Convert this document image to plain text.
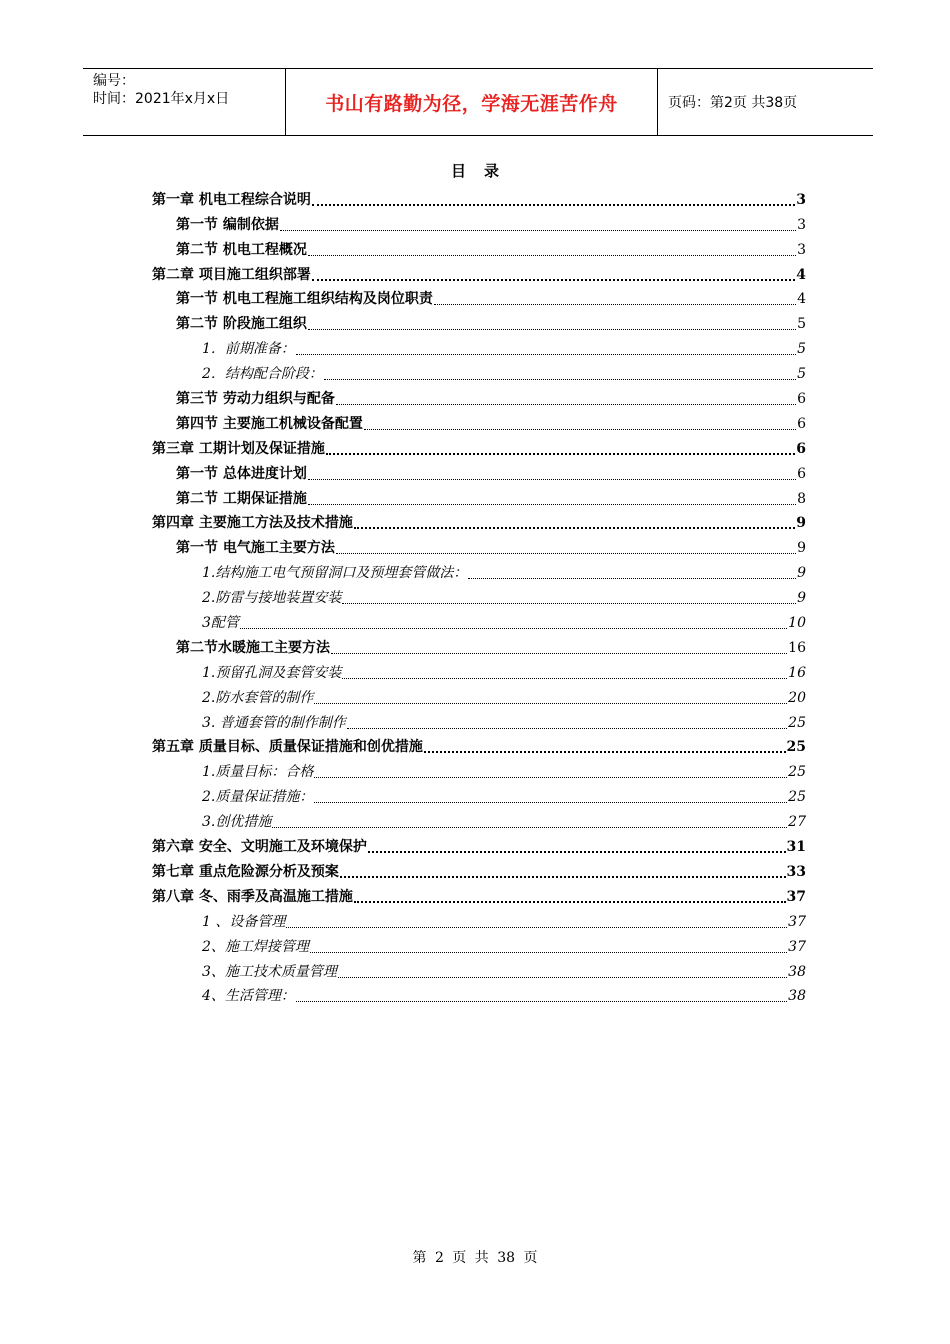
编号：
时间：2021年x月x日	书山有路勤为径，学海无涯苦作舟	页码：第2页 共38页
目录
第一章 机电工程综合说明	3
第一节 编制依据	3
第二节 机电工程概况	3
第二章 项目施工组织部署	4
第一节 机电工程施工组织结构及岗位职责	4
第二节 阶段施工组织	5
1．前期准备：	5
2．结构配合阶段：	5
第三节 劳动力组织与配备	6
第四节 主要施工机械设备配置	6
第三章 工期计划及保证措施	6
第一节 总体进度计划	6
第二节 工期保证措施	8
第四章 主要施工方法及技术措施	9
第一节 电气施工主要方法	9
1.结构施工电气预留洞口及预埋套管做法：	9
2.防雷与接地装置安装	9
3配管	10
第二节水暖施工主要方法	16
1.预留孔洞及套管安装	16
2.防水套管的制作	20
3. 普通套管的制作制作	25
第五章 质量目标、质量保证措施和创优措施	25
1.质量目标：合格	25
2.质量保证措施：	25
3.创优措施	27
第六章 安全、文明施工及环境保护	31
第七章 重点危险源分析及预案	33
第八章 冬、雨季及高温施工措施	37
1 、设备管理	37
2、施工焊接管理	37
3、施工技术质量管理	38
4、生活管理：	38
第 2 页 共 38 页
